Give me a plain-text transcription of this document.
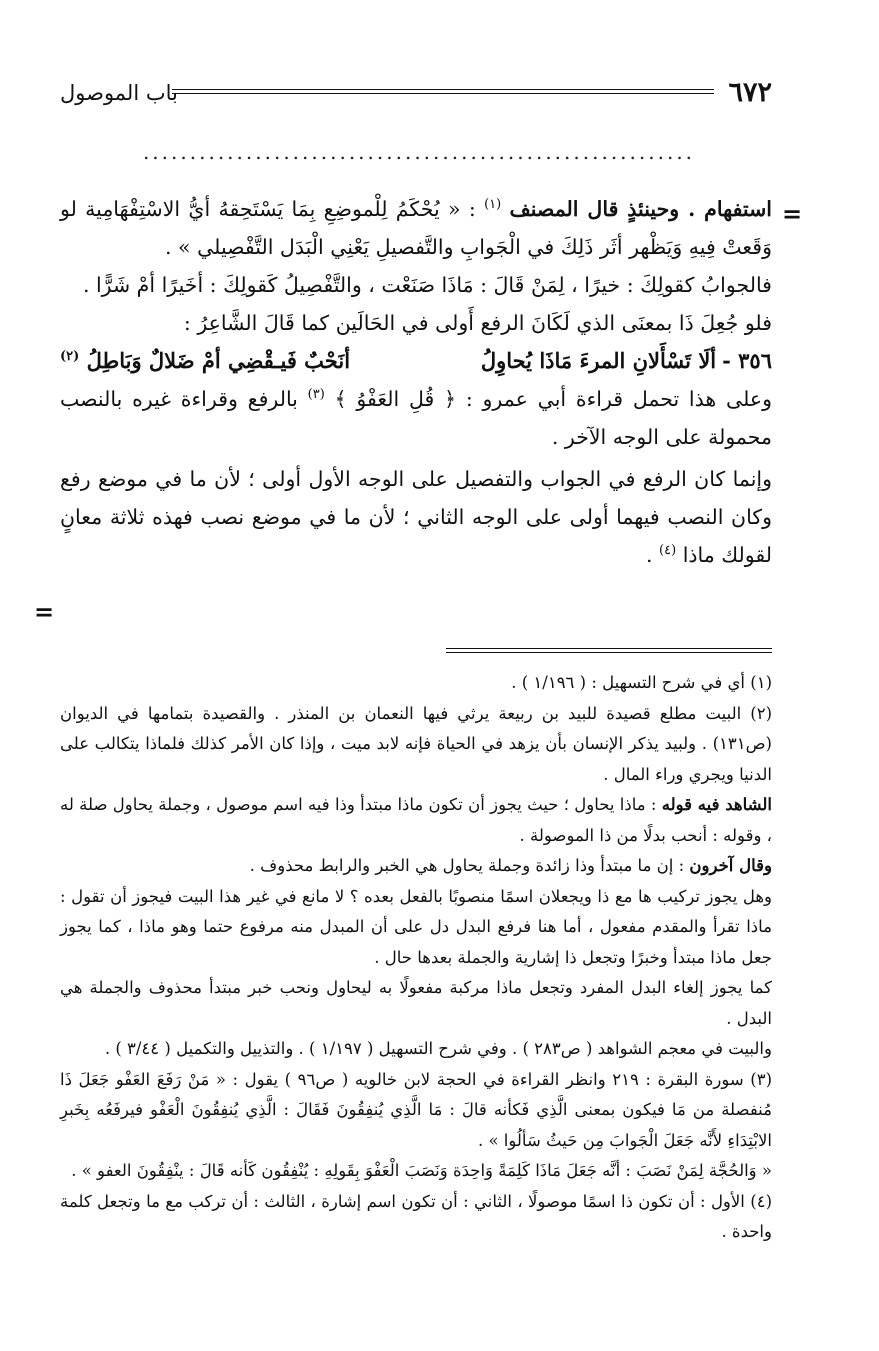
٦٧٢
باب الموصول
...........................................................
=

استفهام . وحينئذٍ قال المصنف $^{(١)}$ : « يُحْكَمُ لِلْموضِعِ بِمَا يَسْتَحِقهُ أيُّ الاسْتِفْهَامِية لو وَقَعتْ فِيهِ وَيَظْهر أثَر ذَلِكَ في الْجَوابِ والتَّفصيلِ يَعْنِي الْبَدَل التَّفْصِيلي » .

فالجوابُ كقولِكَ : خيرًا ، لِمَنْ قَالَ : مَاذَا صَنَعْت ، والتَّفْصِيلُ كَقولِكَ : أخَيرًا أمْ شَرًّا .

فلو جُعِلَ ذَا بمعنَى الذي لَكَانَ الرفع أَولى في الحَالَين كما قَالَ الشَّاعِرُ :

٣٥٦ -
ألَا تَسْأَلانِ المرءَ مَاذَا يُحاوِلُ
أنَحْبٌ فَيـقْضِي أمْ ضَلالٌ وَبَاطِلُ $^{(٢)}$

وعلى هذا تحمل قراءة أبي عمرو : ﴿ قُلِ العَفْوُ ﴾ $^{(٣)}$ بالرفع وقراءة غيره بالنصب محمولة على الوجه الآخر .

وإنما كان الرفع في الجواب والتفصيل على الوجه الأول أولى ؛ لأن ما في موضع رفع وكان النصب فيهما أولى على الوجه الثاني ؛ لأن ما في موضع نصب فهذه ثلاثة معانٍ لقولك ماذا $^{(٤)}$ .

=

(١) أي في شرح التسهيل : ( ١/١٩٦ ) .

(٢) البيت مطلع قصيدة للبيد بن ربيعة يرثي فيها النعمان بن المنذر . والقصيدة بتمامها في الديوان (ص١٣١) . ولبيد يذكر الإنسان بأن يزهد في الحياة فإنه لابد ميت ، وإذا كان الأمر كذلك فلماذا يتكالب على الدنيا ويجري وراء المال .

الشاهد فيه قوله : ماذا يحاول ؛ حيث يجوز أن تكون ماذا مبتدأ وذا فيه اسم موصول ، وجملة يحاول صلة له ، وقوله : أنحب بدلًا من ذا الموصولة .

وقال آخرون : إن ما مبتدأ وذا زائدة وجملة يحاول هي الخبر والرابط محذوف .

وهل يجوز تركيب ها مع ذا ويجعلان اسمًا منصوبًا بالفعل بعده ؟ لا مانع في غير هذا البيت فيجوز أن تقول : ماذا تقرأ والمقدم مفعول ، أما هنا فرفع البدل دل على أن المبدل منه مرفوع حتما وهو ماذا ، كما يجوز جعل ماذا مبتدأ وخبرًا وتجعل ذا إشارية والجملة بعدها حال .

كما يجوز إلغاء البدل المفرد وتجعل ماذا مركبة مفعولًا به ليحاول ونحب خبر مبتدأ محذوف والجملة هي البدل .

والبيت في معجم الشواهد ( ص٢٨٣ ) . وفي شرح التسهيل ( ١/١٩٧ ) . والتذييل والتكميل ( ٣/٤٤ ) .

(٣) سورة البقرة : ٢١٩ وانظر القراءة في الحجة لابن خالويه ( ص٩٦ ) يقول : « مَنْ رَفَعَ العَفْو جَعَلَ ذَا مُنفصلة من مَا فيكون بمعنى الَّذِي فَكأنه قالَ : مَا الَّذِي يُنفِقُونَ فَقَالَ : الَّذِي يُنفِقُونَ الْعَفْو فيرفَعُه بِخَبرِ الابْتِدَاءِ لأَنَّه جَعَلَ الْجَوابَ مِن حَيثُ سَألُوا » .

« وَالحُجَّة لِمَنْ نَصَبَ : أنَّه جَعَلَ مَاذَا كَلِمَةً وَاحِدَة وَنَصَبَ الْعَفْوَ بِقَولِهِ : يُنْفِقُون كَأنه قَالَ : ينْفِقُونَ العفو » .

(٤) الأول : أن تكون ذا اسمًا موصولًا ، الثاني : أن تكون اسم إشارة ، الثالث : أن تركب مع ما وتجعل كلمة واحدة .
